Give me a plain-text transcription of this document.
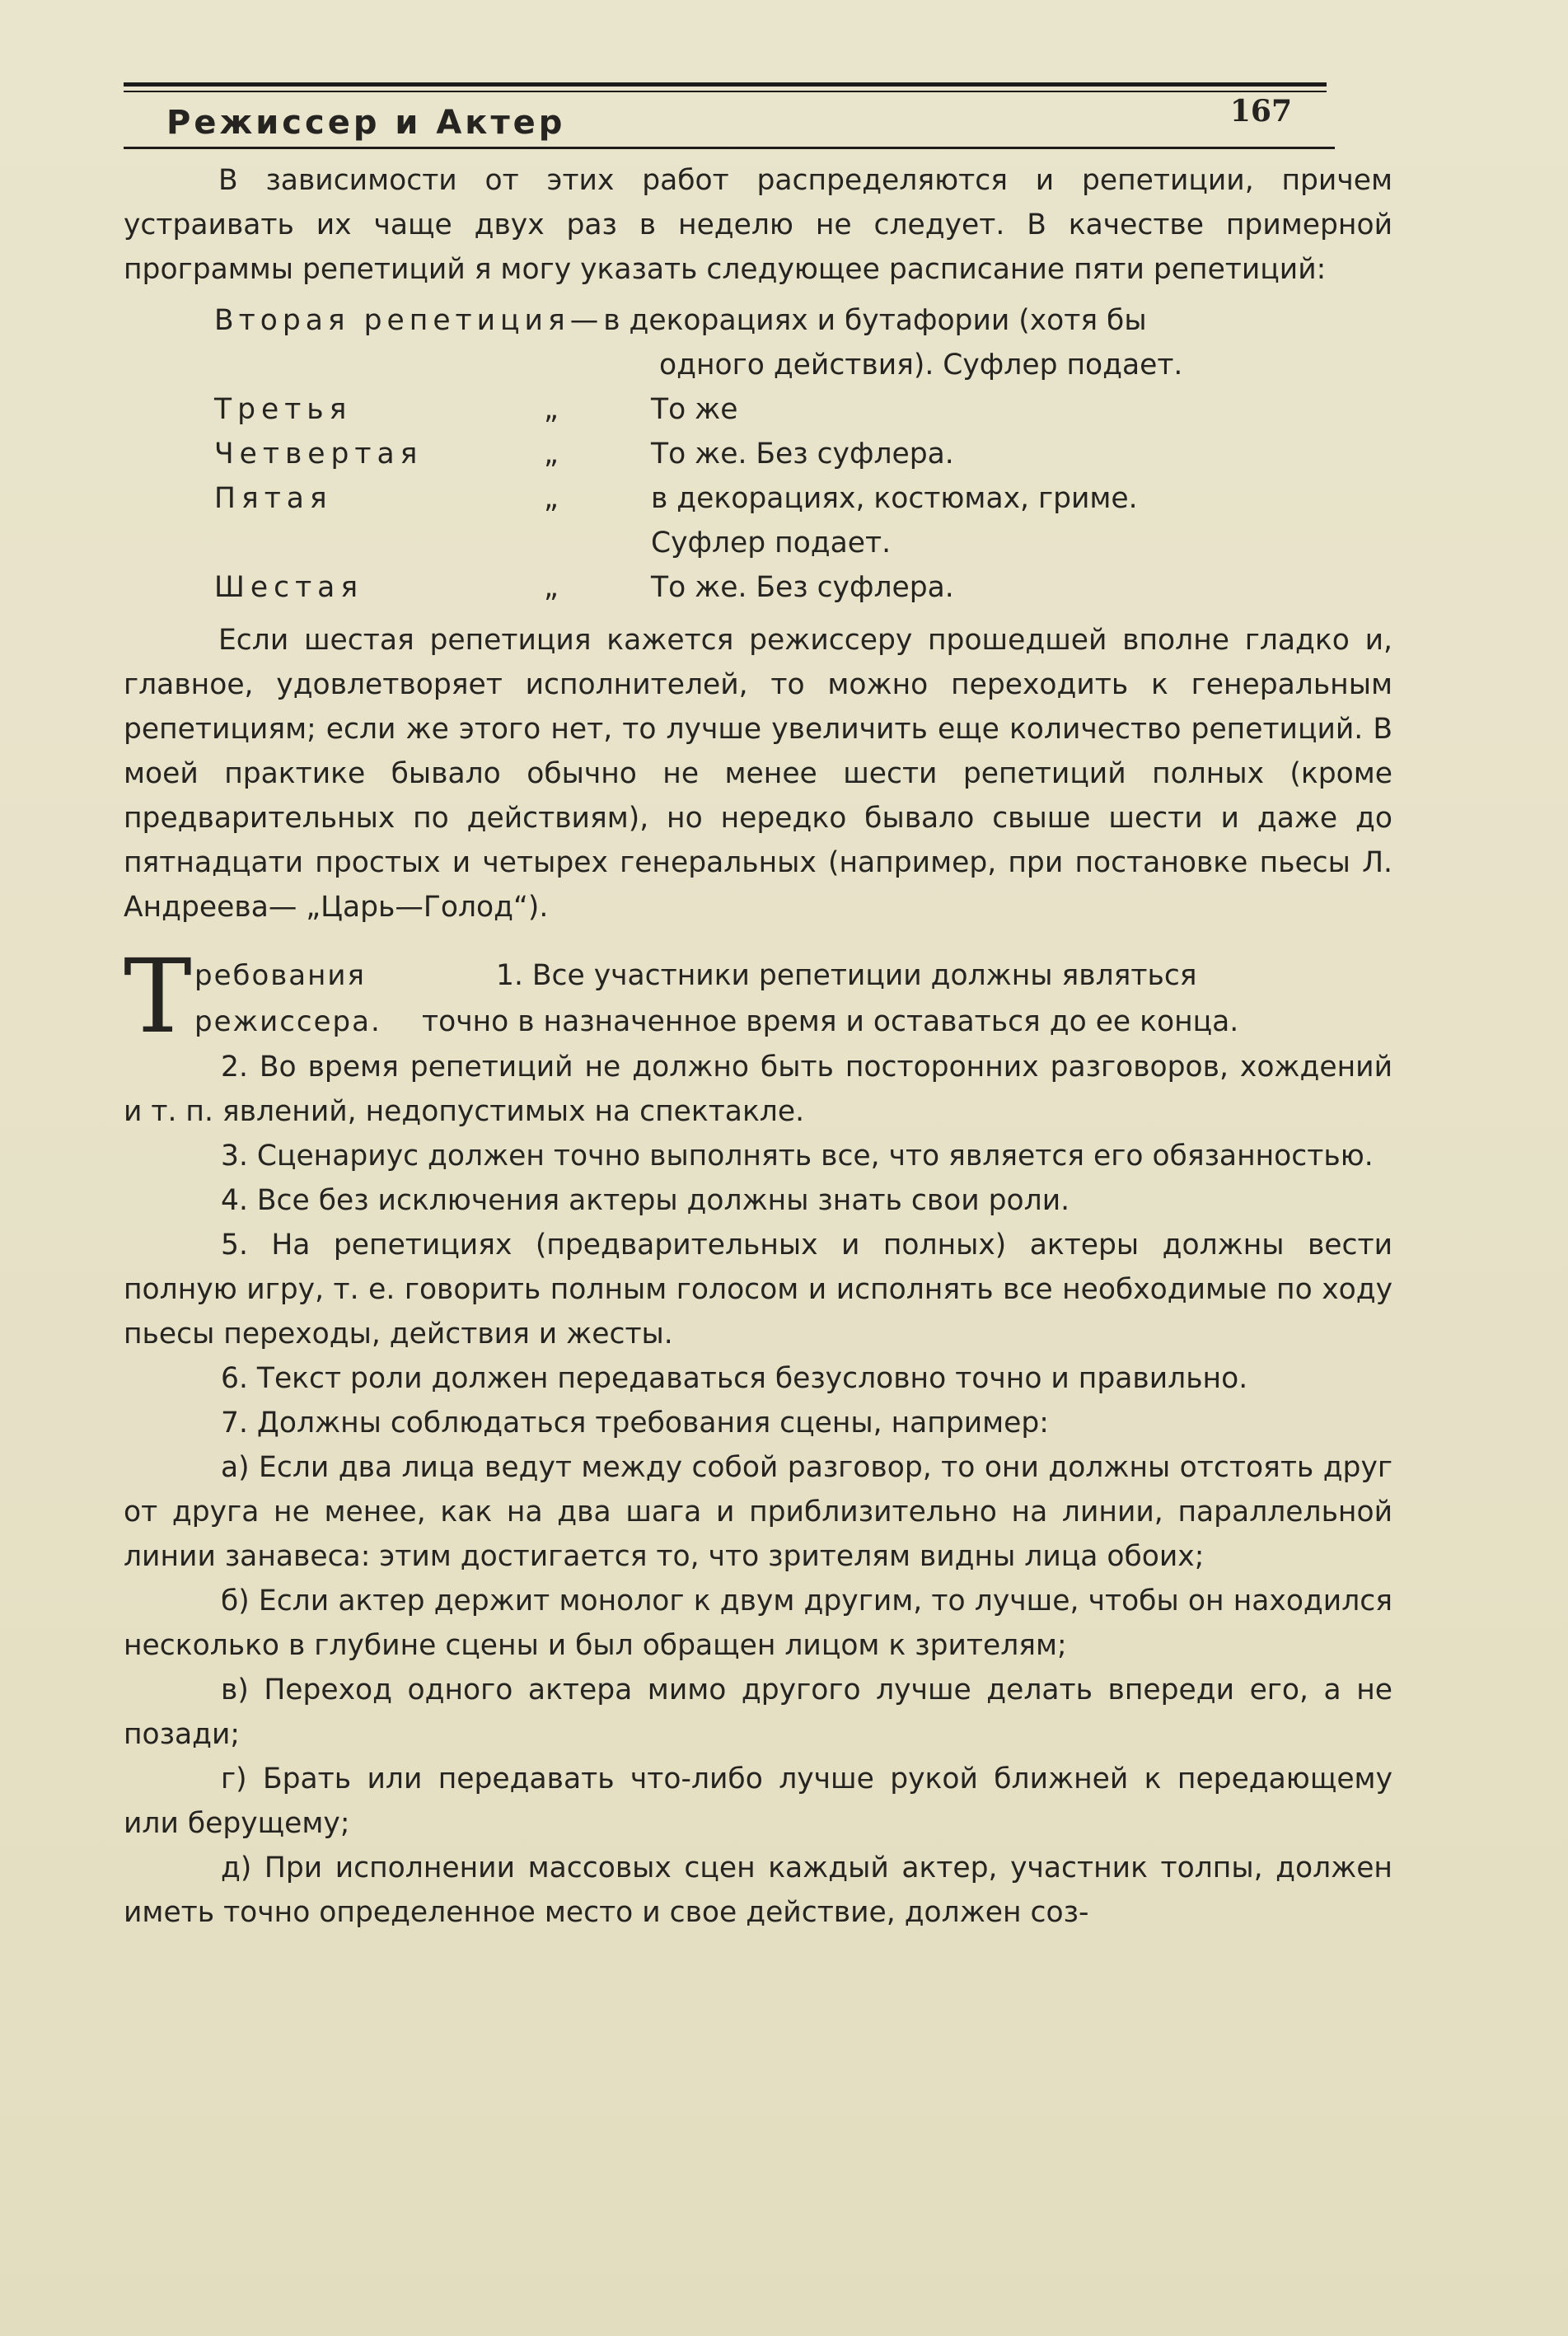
Режиссер и Актер	167

В зависимости от этих работ распределяются и репетиции, причем устраивать их чаще двух раз в неделю не следует. В качестве примерной программы репетиций я могу указать следующее расписание пяти репетиций:

Вторая репетиция— в декорациях и бутафории (хотя бы
одного действия). Суфлер подает.
Третья	„	То же
Четвертая	„	То же. Без суфлера.
Пятая	„	в декорациях, костюмах, гриме.
Суфлер подает.
Шестая	„	То же. Без суфлера.

Если шестая репетиция кажется режиссеру прошедшей вполне гладко и, главное, удовлетворяет исполнителей, то можно переходить к генеральным репетициям; если же этого нет, то лучше увеличить еще количество репетиций. В моей практике бывало обычно не менее шести репетиций полных (кроме предварительных по действиям), но нередко бывало свыше шести и даже до пятнадцати простых и четырех генеральных (например, при постановке пьесы Л. Андреева— „Царь—Голод“).

Т ребования
режиссера.
1. Все участники репетиции должны являться
точно в назначенное время и оставаться до ее конца.

2. Во время репетиций не должно быть посторонних разговоров, хождений и т. п. явлений, недопустимых на спектакле.

3. Сценариус должен точно выполнять все, что является его обязанностью.

4. Все без исключения актеры должны знать свои роли.

5. На репетициях (предварительных и полных) актеры должны вести полную игру, т. е. говорить полным голосом и исполнять все необходимые по ходу пьесы переходы, действия и жесты.

6. Текст роли должен передаваться безусловно точно и правильно.

7. Должны соблюдаться требования сцены, например:

а) Если два лица ведут между собой разговор, то они должны отстоять друг от друга не менее, как на два шага и приблизительно на линии, параллельной линии занавеса: этим достигается то, что зрителям видны лица обоих;

б) Если актер держит монолог к двум другим, то лучше, чтобы он находился несколько в глубине сцены и был обращен лицом к зрителям;

в) Переход одного актера мимо другого лучше делать впереди его, а не позади;

г) Брать или передавать что-либо лучше рукой ближней к передающему или берущему;

д) При исполнении массовых сцен каждый актер, участник толпы, должен иметь точно определенное место и свое действие, должен соз-
